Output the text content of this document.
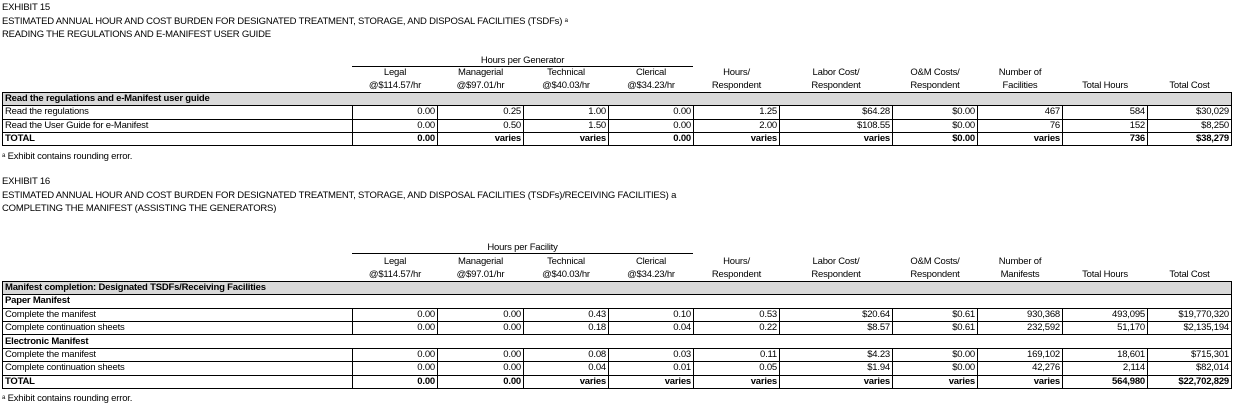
EXHIBIT 15
ESTIMATED ANNUAL HOUR AND COST BURDEN FOR DESIGNATED TREATMENT, STORAGE, AND DISPOSAL FACILITIES (TSDFs) $^a$
READING THE REGULATIONS AND E-MANIFEST USER GUIDE
Hours per Generator
	Legal	Managerial	Technical	Clerical	Hours/	Labor Cost/	O&M Costs/	Number of		
	@$114.57/hr	@$97.01/hr	@$40.03/hr	@$34.23/hr	Respondent	Respondent	Respondent	Facilities	Total Hours	Total Cost
Read the regulations and e-Manifest user guide										
Read the regulations	0.00	0.25	1.00	0.00	1.25	$64.28	$0.00	467	584	$30,029
Read the User Guide for e-Manifest	0.00	0.50	1.50	0.00	2.00	$108.55	$0.00	76	152	$8,250
TOTAL	0.00	varies	varies	0.00	varies	varies	$0.00	varies	736	$38,279
$^a$ Exhibit contains rounding error.
EXHIBIT 16
ESTIMATED ANNUAL HOUR AND COST BURDEN FOR DESIGNATED TREATMENT, STORAGE, AND DISPOSAL FACILITIES (TSDFs)/RECEIVING FACILITIES) a
COMPLETING THE MANIFEST (ASSISTING THE GENERATORS)
Hours per Facility
	Legal	Managerial	Technical	Clerical	Hours/	Labor Cost/	O&M Costs/	Number of		
	@$114.57/hr	@$97.01/hr	@$40.03/hr	@$34.23/hr	Respondent	Respondent	Respondent	Manifests	Total Hours	Total Cost
Manifest completion: Designated TSDFs/Receiving Facilities										
Paper Manifest										
Complete the manifest	0.00	0.00	0.43	0.10	0.53	$20.64	$0.61	930,368	493,095	$19,770,320
Complete continuation sheets	0.00	0.00	0.18	0.04	0.22	$8.57	$0.61	232,592	51,170	$2,135,194
Electronic Manifest										
Complete the manifest	0.00	0.00	0.08	0.03	0.11	$4.23	$0.00	169,102	18,601	$715,301
Complete continuation sheets	0.00	0.00	0.04	0.01	0.05	$1.94	$0.00	42,276	2,114	$82,014
TOTAL	0.00	0.00	varies	varies	varies	varies	varies	varies	564,980	$22,702,829
$^a$ Exhibit contains rounding error.
